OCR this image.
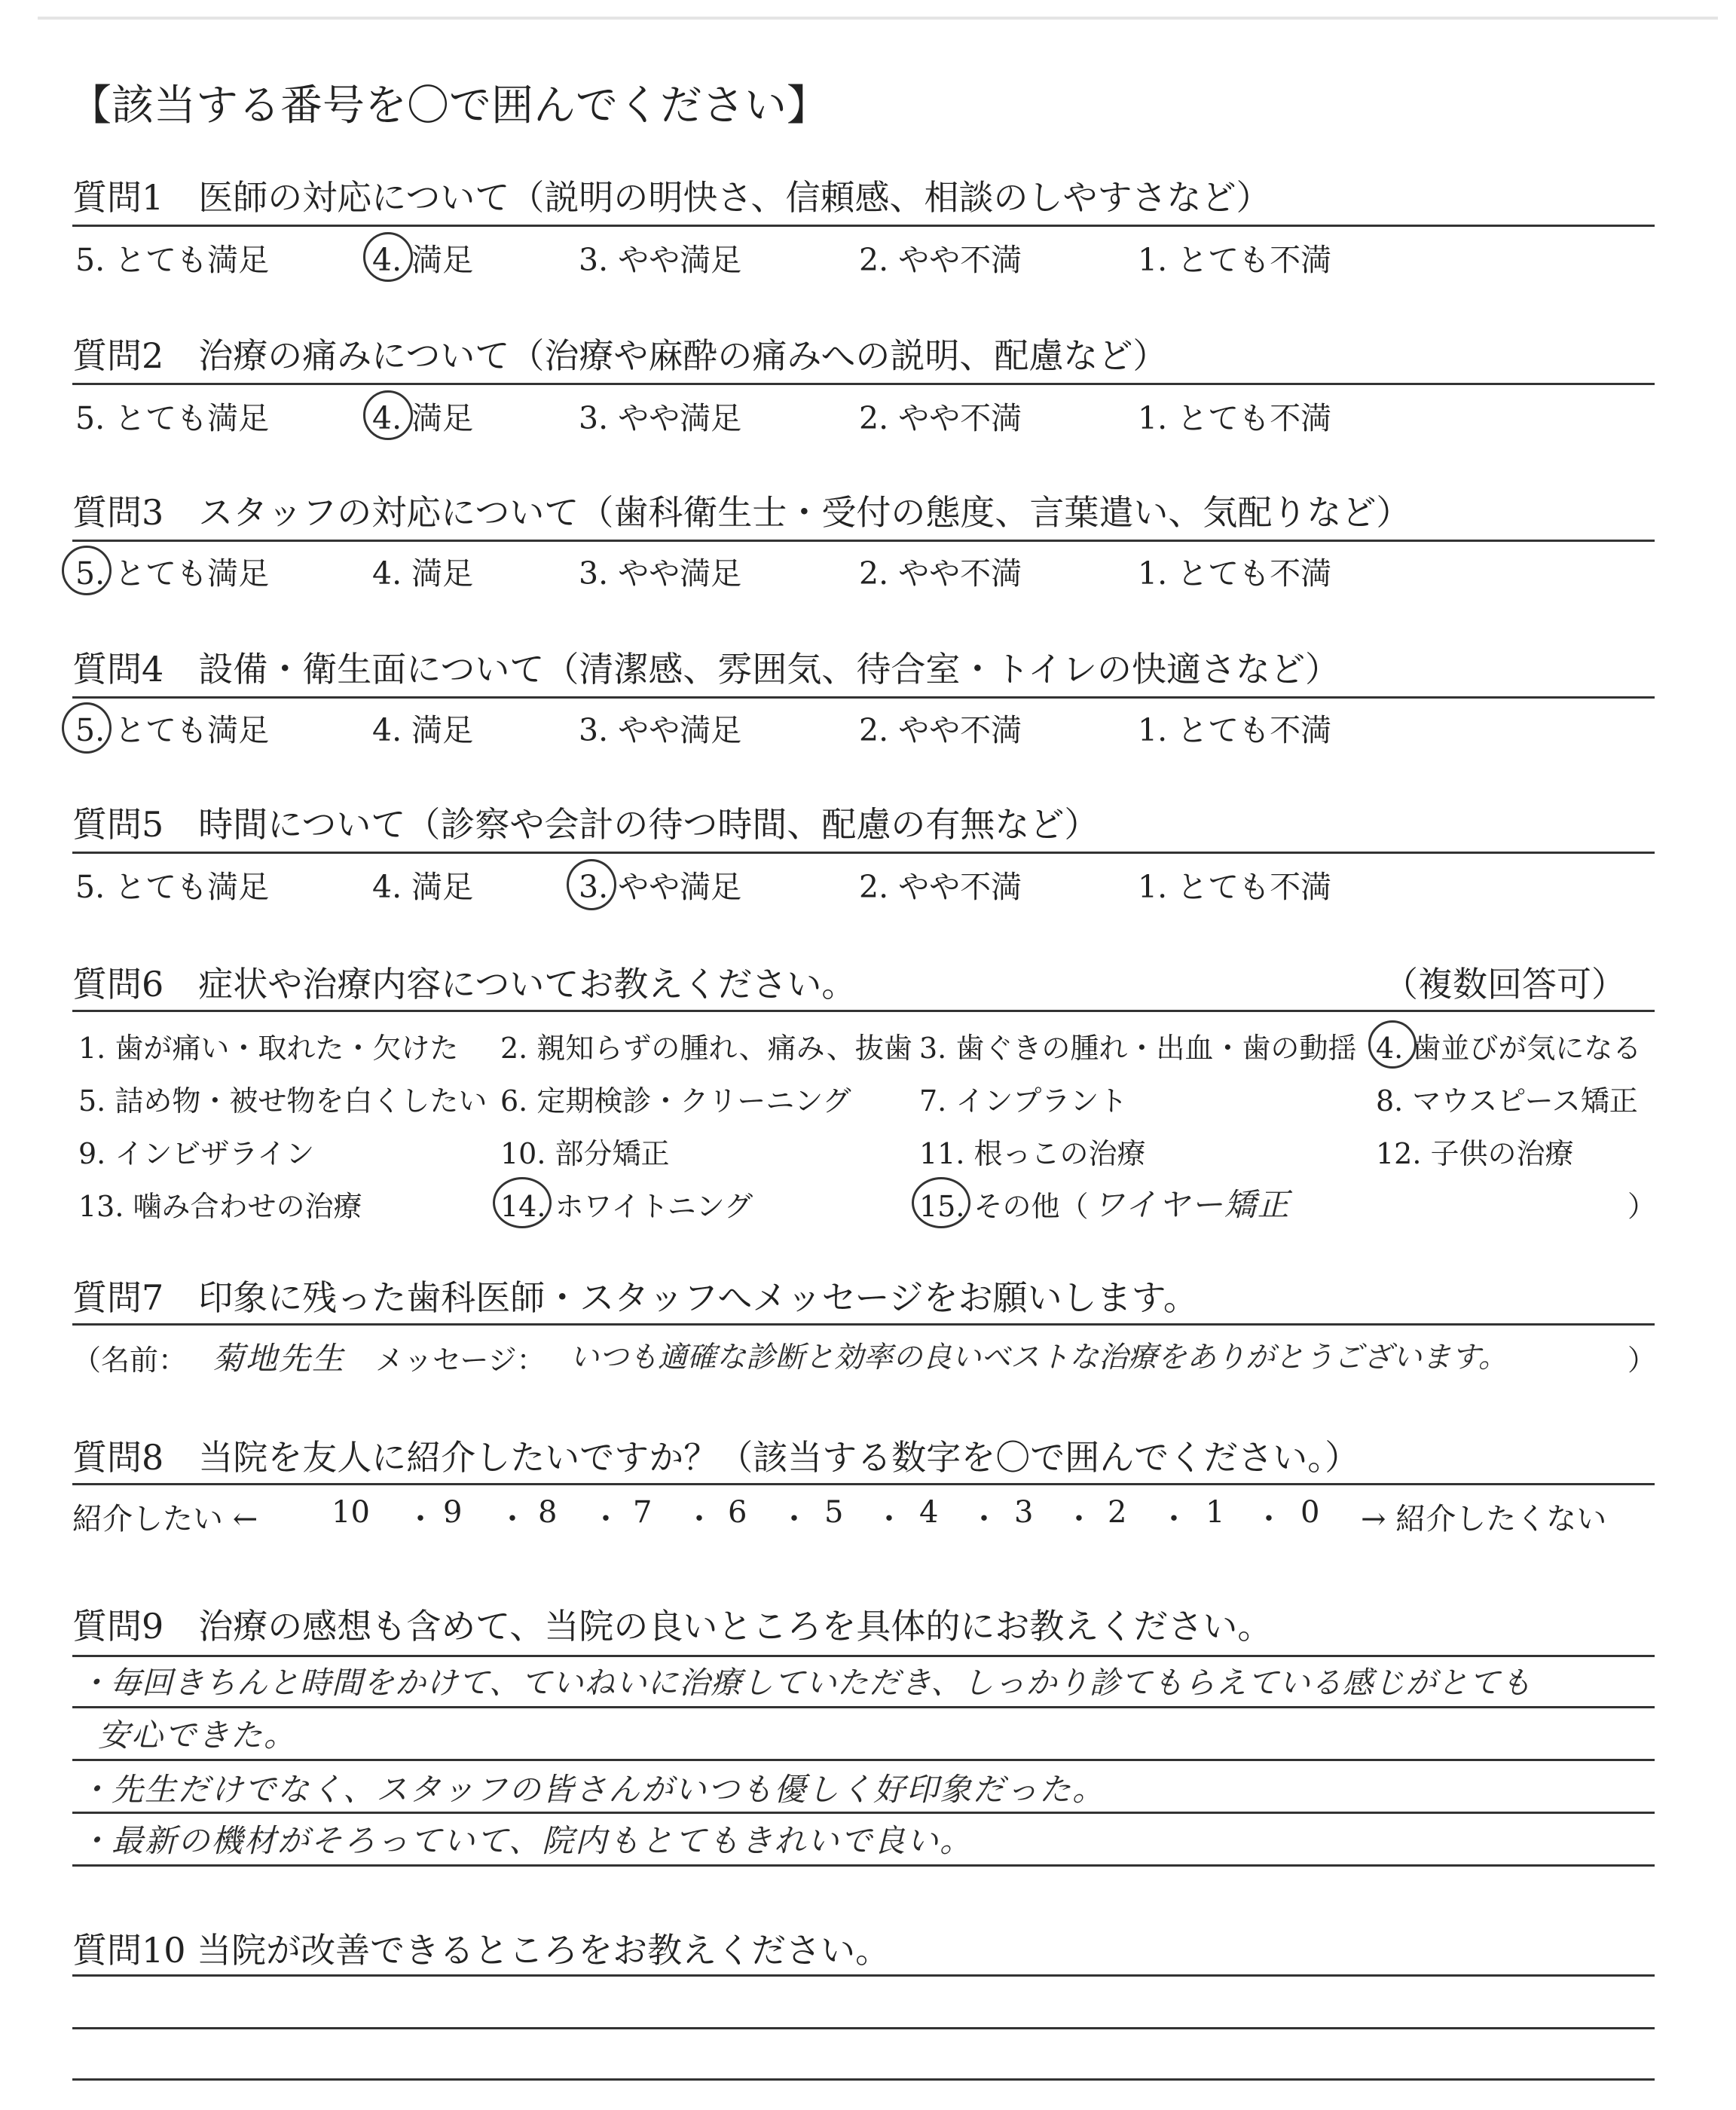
【該当する番号を〇で囲んでください】
質問1　医師の対応について（説明の明快さ、信頼感、相談のしやすさなど）
5. とても満足	4. 満足	3. やや満足	2. やや不満	1. とても不満
質問2　治療の痛みについて（治療や麻酔の痛みへの説明、配慮など）
5. とても満足	4. 満足	3. やや満足	2. やや不満	1. とても不満
質問3　スタッフの対応について（歯科衛生士・受付の態度、言葉遣い、気配りなど）
5. とても満足	4. 満足	3. やや満足	2. やや不満	1. とても不満
質問4　設備・衛生面について（清潔感、雰囲気、待合室・トイレの快適さなど）
5. とても満足	4. 満足	3. やや満足	2. やや不満	1. とても不満
質問5　時間について（診察や会計の待つ時間、配慮の有無など）
5. とても満足	4. 満足	3. やや満足	2. やや不満	1. とても不満
質問6　症状や治療内容についてお教えください。	（複数回答可）
1. 歯が痛い・取れた・欠けた 2. 親知らずの腫れ、痛み、抜歯 3. 歯ぐきの腫れ・出血・歯の動揺 4. 歯並びが気になる
5. 詰め物・被せ物を白くしたい 6. 定期検診・クリーニング 7. インプラント	8. マウスピース矯正
9. インビザライン	10. 部分矯正	11. 根っこの治療	12. 子供の治療
13. 噛み合わせの治療	14. ホワイトニング	15. その他（ ワイヤー矯正	）
質問7　印象に残った歯科医師・スタッフへメッセージをお願いします。
（名前： 菊地先生 メッセージ： いつも適確な診断と効率の良いベストな治療をありがとうございます。	）
質問8　当院を友人に紹介したいですか？（該当する数字を〇で囲んでください。）
紹介したい ← 10 ・ 9 ・ 8 ・ 7 ・ 6 ・ 5 ・ 4 ・ 3 ・ 2 ・ 1 ・ 0 → 紹介したくない
質問9　治療の感想も含めて、当院の良いところを具体的にお教えください。
・毎回きちんと時間をかけて、ていねいに治療していただき、しっかり診てもらえている感じがとても
安心できた。
・先生だけでなく、スタッフの皆さんがいつも優しく好印象だった。
・最新の機材がそろっていて、院内もとてもきれいで良い。
質問10 当院が改善できるところをお教えください。
